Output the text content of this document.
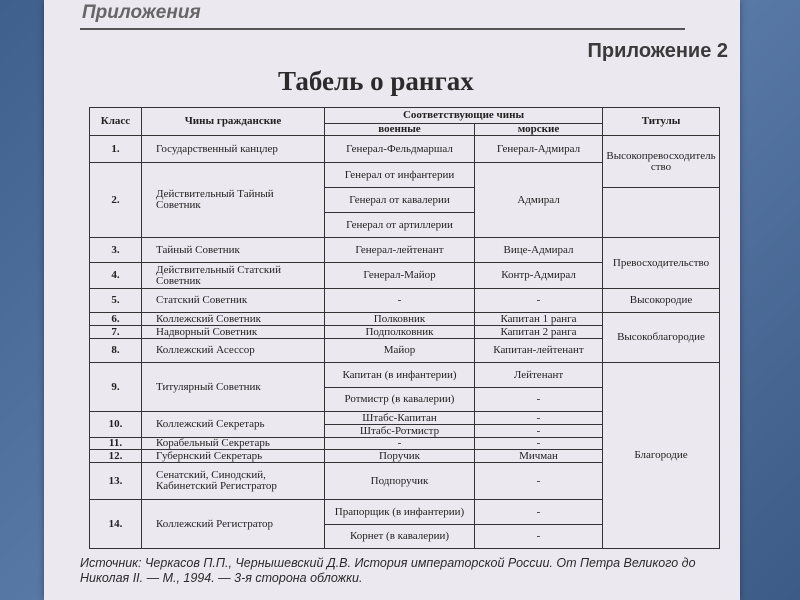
Приложения
Приложение 2
Табель о рангах
Класс	Чины гражданские	Соответствующие чины		Титулы
		военные	морские	
1.	Государственный канцлер	Генерал-Фельдмаршал	Генерал-Адмирал	Высокопревосходительство
2.	Действительный Тайный Советник	Генерал от инфантерии	Адмирал	
		Генерал от кавалерии		
		Генерал от артиллерии		
3.	Тайный Советник	Генерал-лейтенант	Вице-Адмирал	Превосходительство
4.	Действительный Статский Советник	Генерал-Майор	Контр-Адмирал	
5.	Статский Советник	-	-	Высокородие
6.	Коллежский Советник	Полковник	Капитан 1 ранга	Высокоблагородие
7.	Надворный Советник	Подполковник	Капитан 2 ранга	
8.	Коллежский Асессор	Майор	Капитан-лейтенант	
9.	Титулярный Советник	Капитан (в инфантерии)	Лейтенант	Благородие
		Ротмистр (в кавалерии)	-	
10.	Коллежский Секретарь	Штабс-Капитан	-	
		Штабс-Ротмистр	-	
11.	Корабельный Секретарь	-	-	
12.	Губернский Секретарь	Поручик	Мичман	
13.	Сенатский, Синодский, Кабинетский Регистратор	Подпоручик	-	
14.	Коллежский Регистратор	Прапорщик (в инфантерии)	-	
		Корнет (в кавалерии)	-	
Источник: Черкасов П.П., Чернышевский Д.В. История императорской России. От Петра Великого до Николая II. — М., 1994. — 3-я сторона обложки.
